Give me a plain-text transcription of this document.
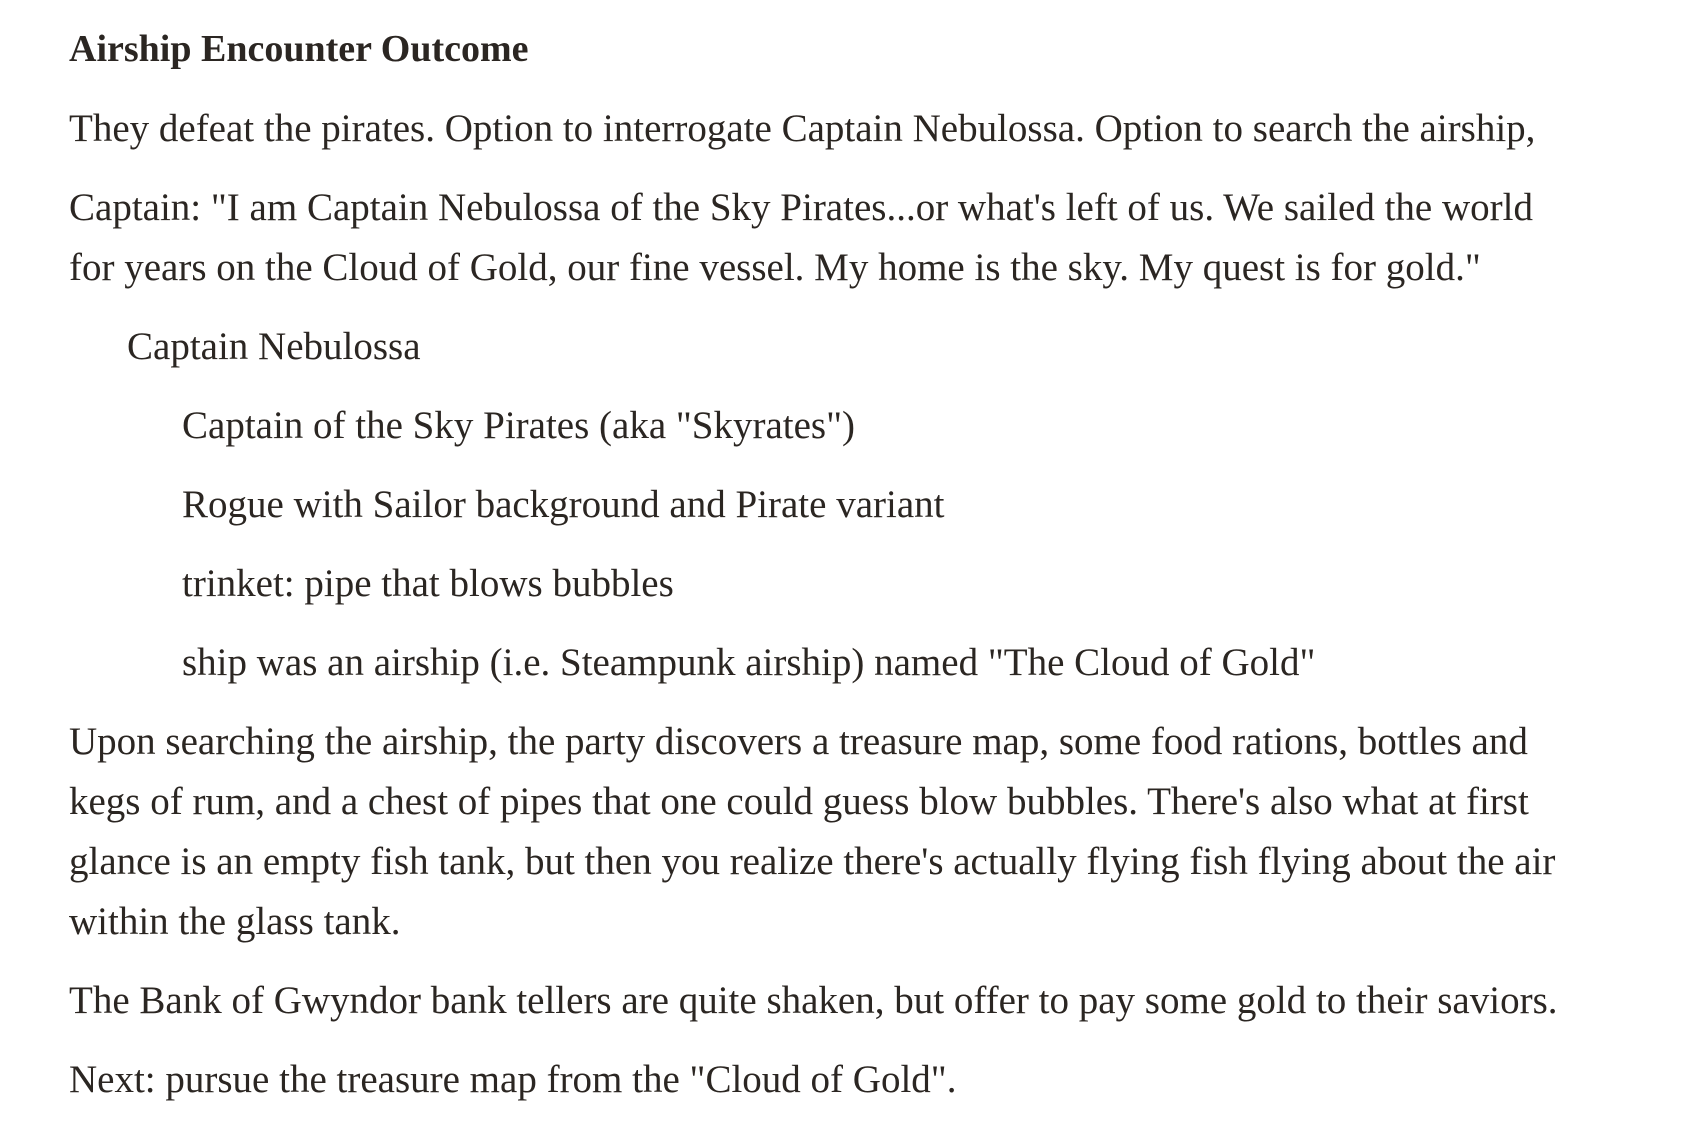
Airship Encounter Outcome

They defeat the pirates. Option to interrogate Captain Nebulossa. Option to search the airship,

Captain: "I am Captain Nebulossa of the Sky Pirates...or what's left of us. We sailed the world

for years on the Cloud of Gold, our fine vessel. My home is the sky. My quest is for gold."

Captain Nebulossa

Captain of the Sky Pirates (aka "Skyrates")

Rogue with Sailor background and Pirate variant

trinket: pipe that blows bubbles

ship was an airship (i.e. Steampunk airship) named "The Cloud of Gold"

Upon searching the airship, the party discovers a treasure map, some food rations, bottles and

kegs of rum, and a chest of pipes that one could guess blow bubbles. There's also what at first

glance is an empty fish tank, but then you realize there's actually flying fish flying about the air

within the glass tank.

The Bank of Gwyndor bank tellers are quite shaken, but offer to pay some gold to their saviors.

Next: pursue the treasure map from the "Cloud of Gold".
